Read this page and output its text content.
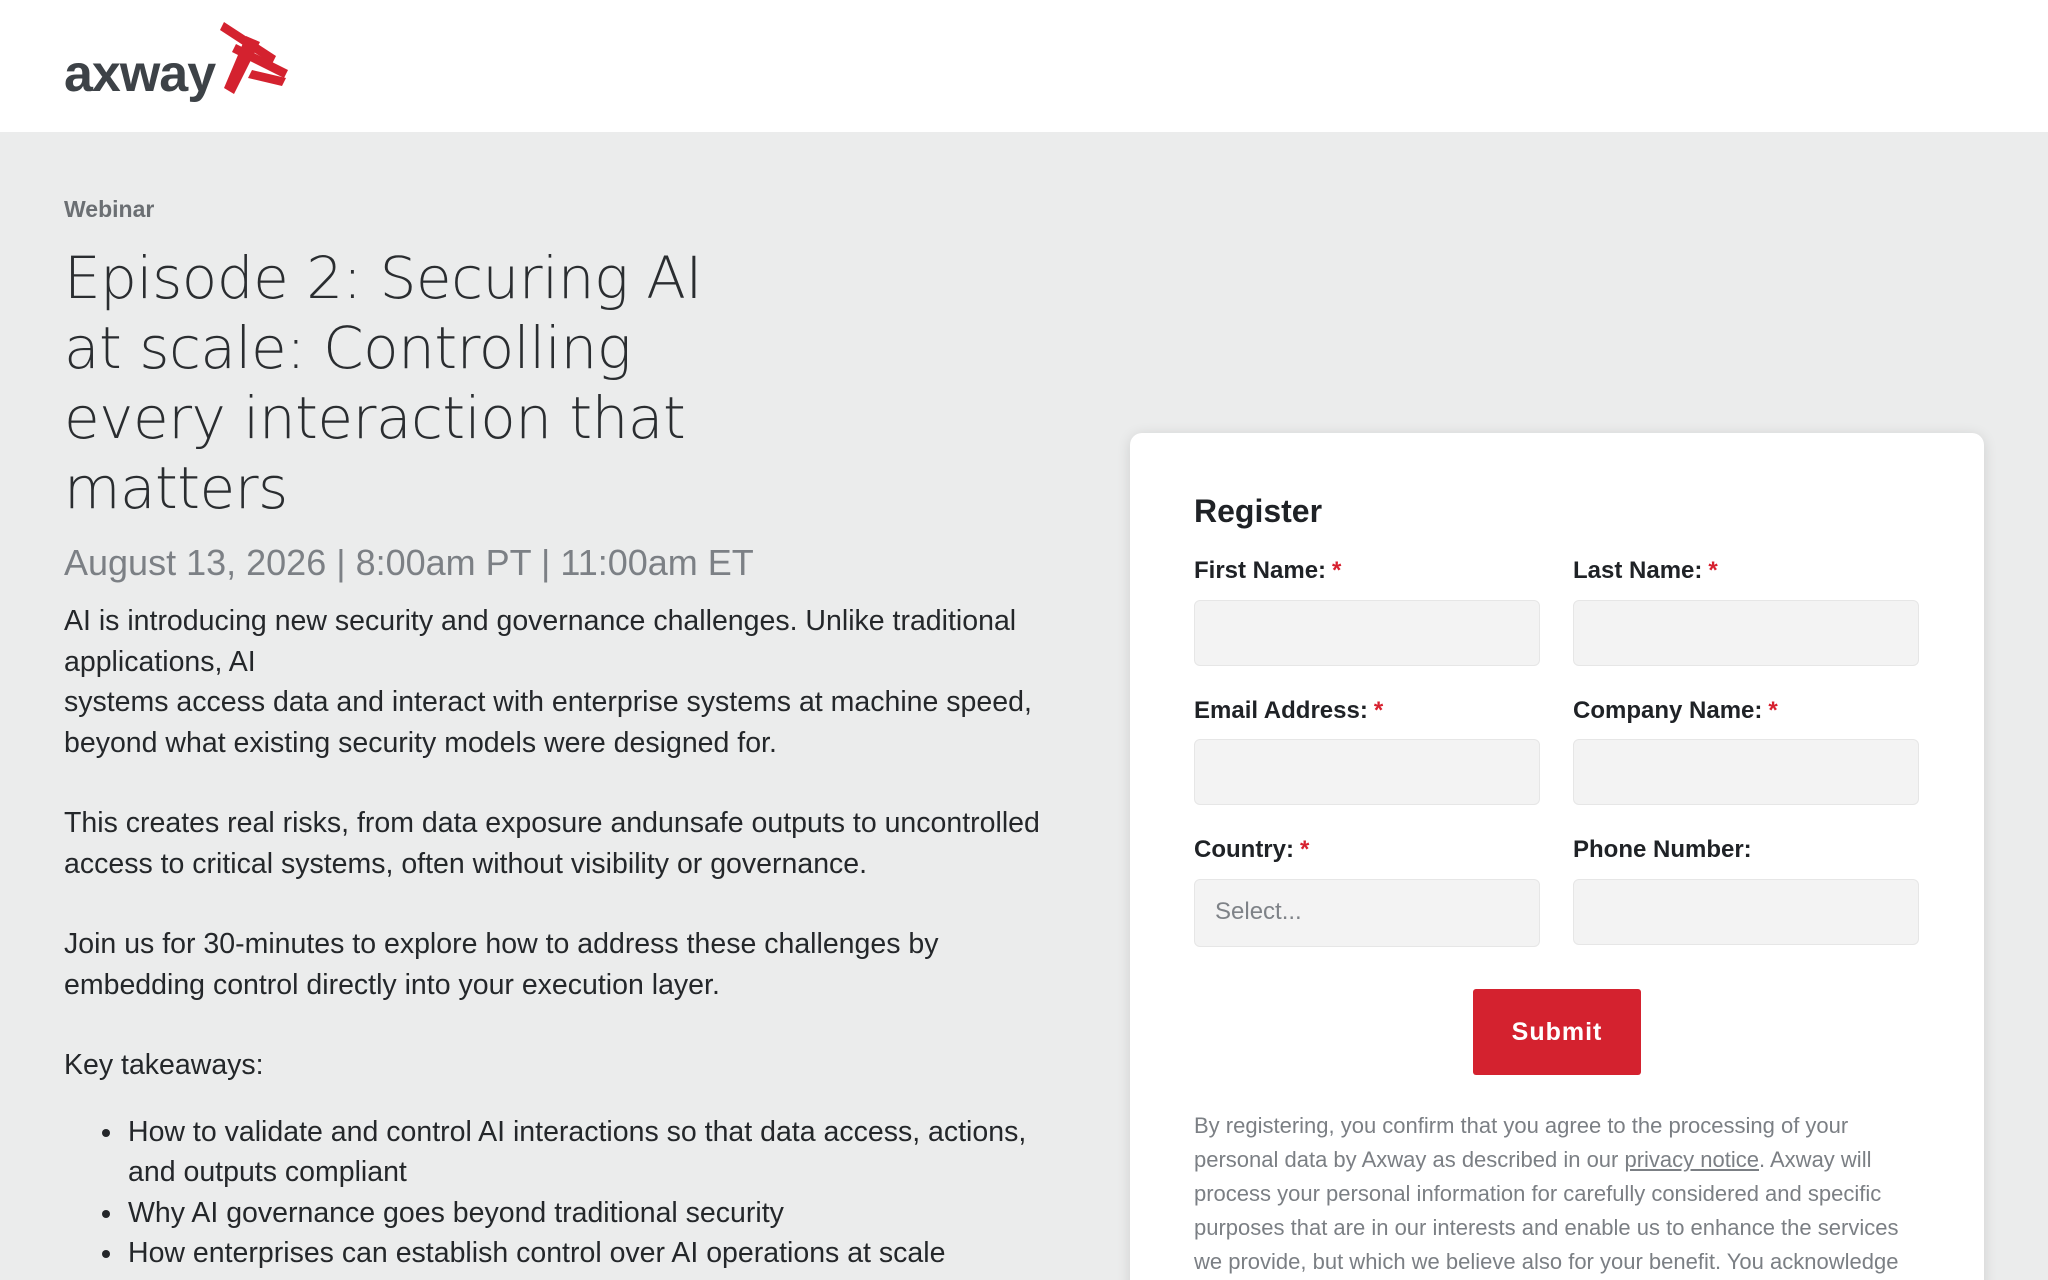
axway
Webinar
Episode 2: Securing AI at scale: Controlling every interaction that matters
August 13, 2026 | 8:00am PT | 11:00am ET
AI is introducing new security and governance challenges. Unlike traditional applications, AI

systems access data and interact with enterprise systems at machine speed, beyond what existing security models were designed for.

This creates real risks, from data exposure andunsafe outputs to uncontrolled access to critical systems, often without visibility or governance.

Join us for 30-minutes to explore how to address these challenges by embedding control directly into your execution layer.

Key takeaways:

How to validate and control AI interactions so that data access, actions, and outputs compliant
Why AI governance goes beyond traditional security
How enterprises can establish control over AI operations at scale
Register
First Name: *	Last Name: *
Email Address: *	Company Name: *
Country: *
Select...
Phone Number:
Submit
By registering, you confirm that you agree to the processing of your personal data by Axway as described in our privacy notice. Axway will process your personal information for carefully considered and specific purposes that are in our interests and enable us to enhance the services we provide, but which we believe also for your benefit. You acknowledge
